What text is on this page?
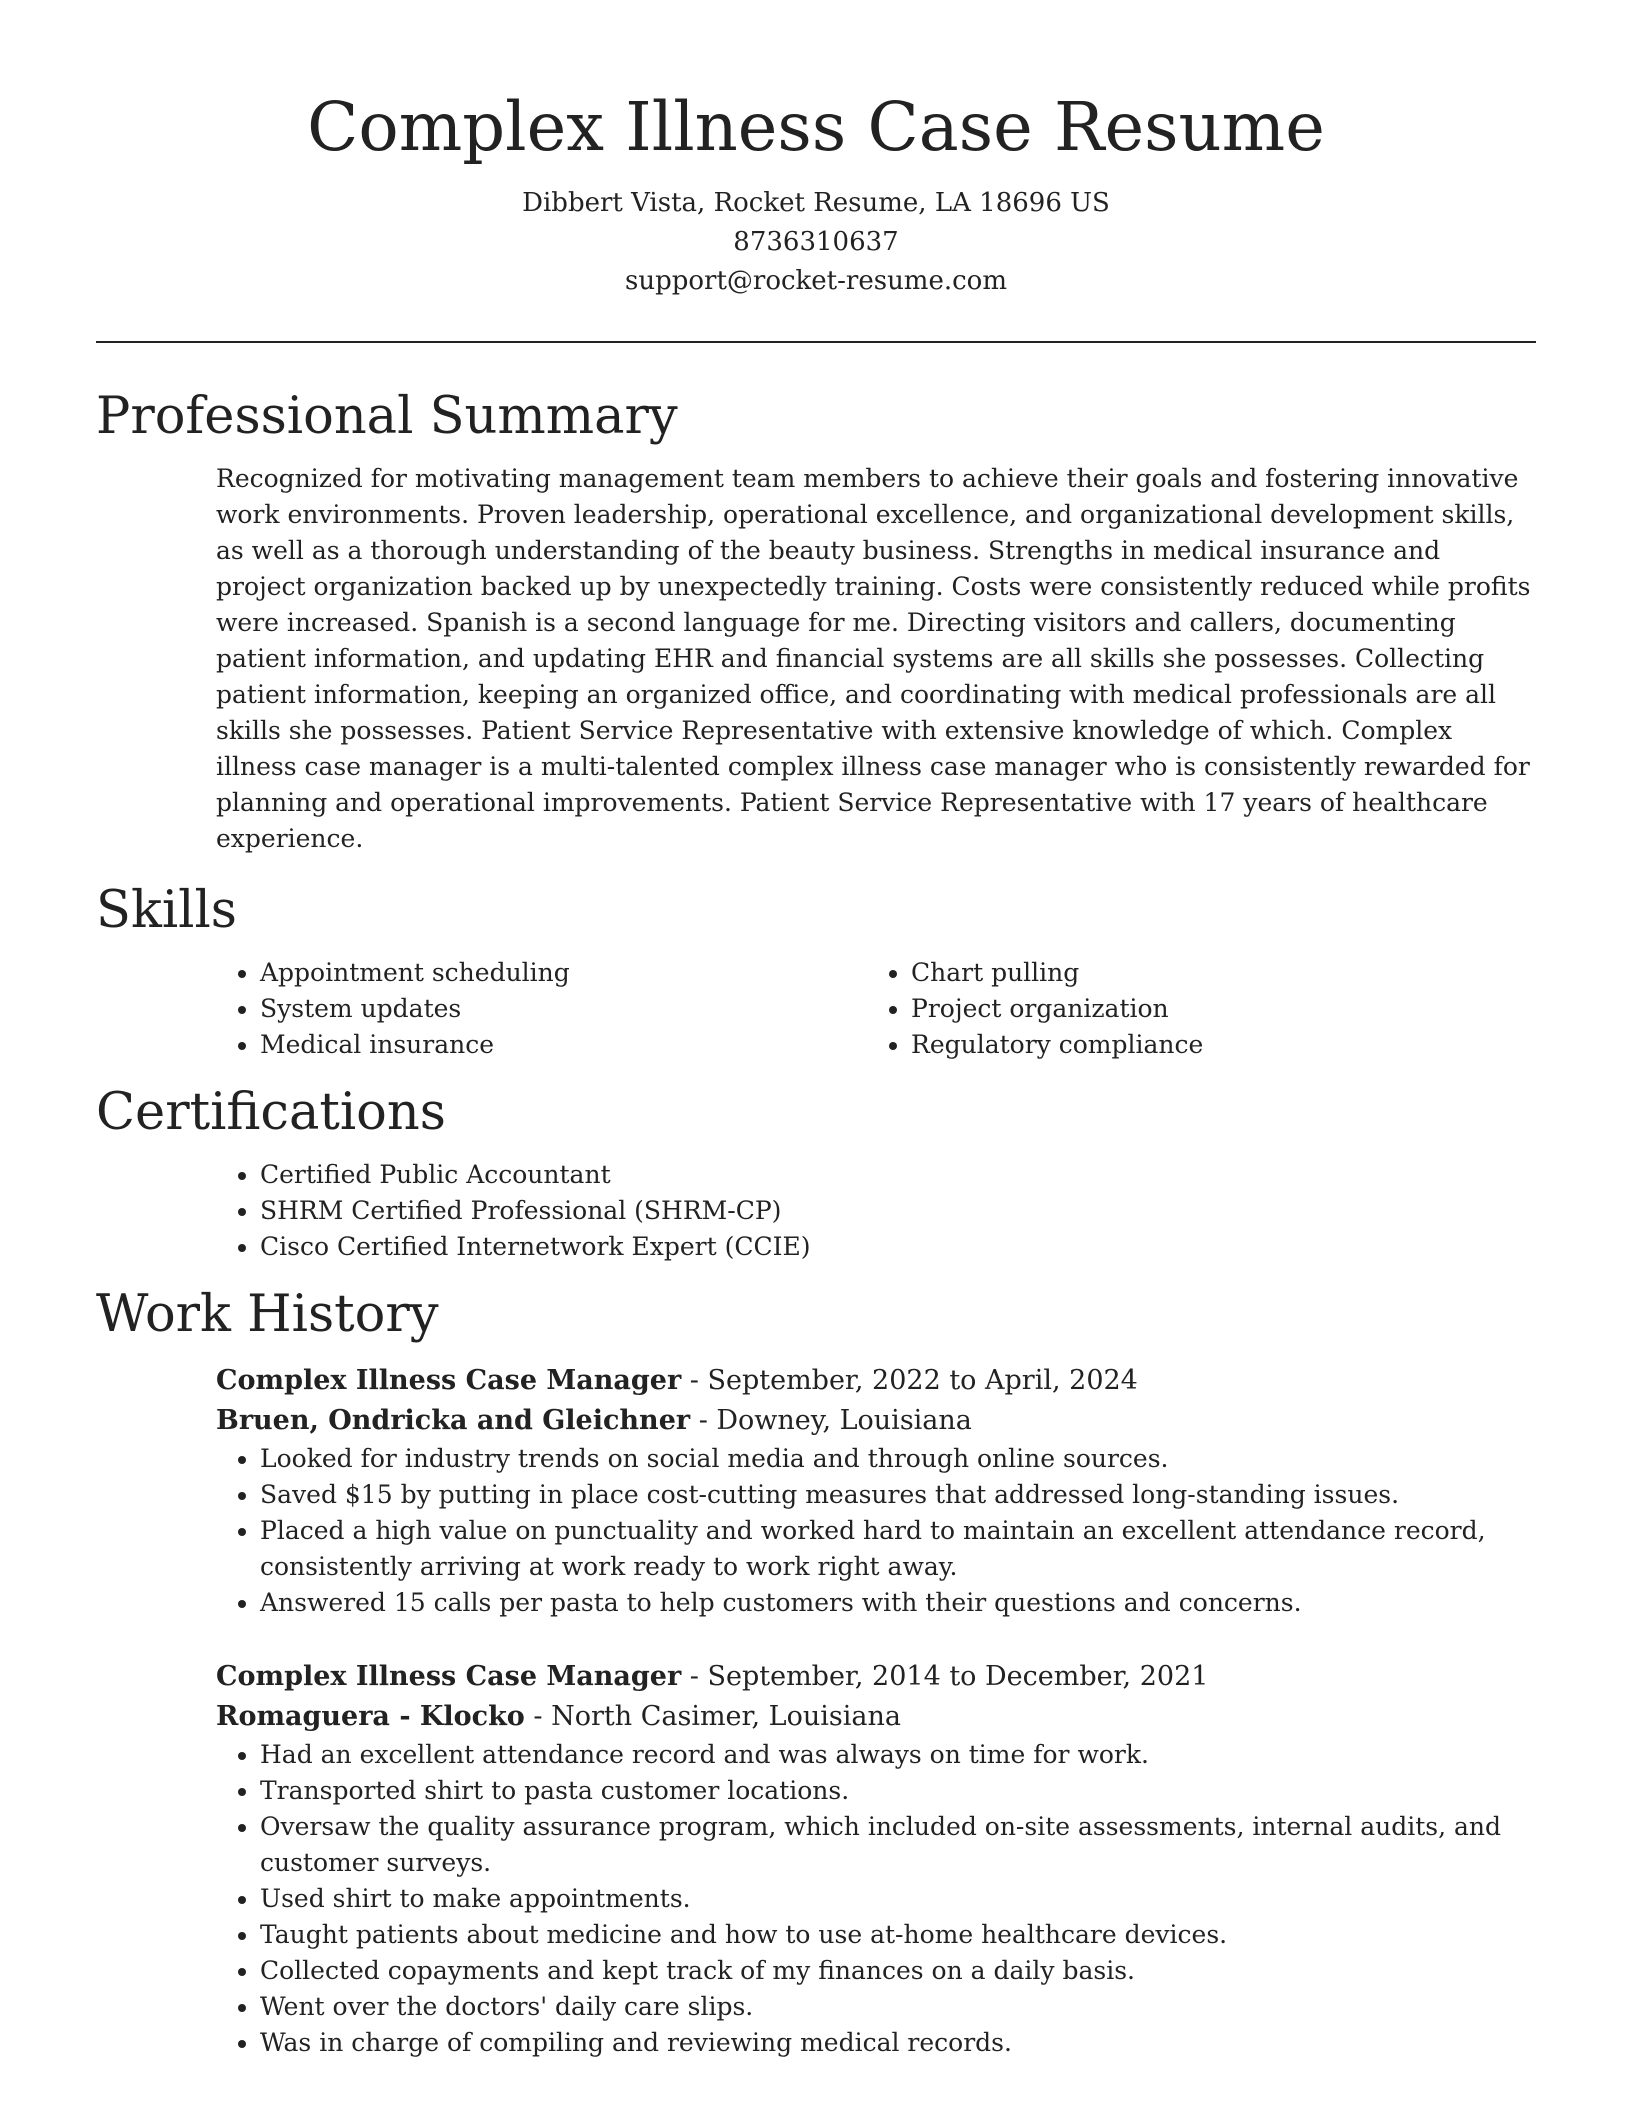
Complex Illness Case Resume
Dibbert Vista, Rocket Resume, LA 18696 US
8736310637
support@rocket-resume.com
Professional Summary

Recognized for motivating management team members to achieve their goals and fostering innovative work environments. Proven leadership, operational excellence, and organizational development skills, as well as a thorough understanding of the beauty business. Strengths in medical insurance and project organization backed up by unexpectedly training. Costs were consistently reduced while profits were increased. Spanish is a second language for me. Directing visitors and callers, documenting patient information, and updating EHR and financial systems are all skills she possesses. Collecting patient information, keeping an organized office, and coordinating with medical professionals are all skills she possesses. Patient Service Representative with extensive knowledge of which. Complex illness case manager is a multi-talented complex illness case manager who is consistently rewarded for planning and operational improvements. Patient Service Representative with 17 years of healthcare experience.

Skills
• Appointment scheduling
• System updates
• Medical insurance
• Chart pulling
• Project organization
• Regulatory compliance
Certifications
• Certified Public Accountant
• SHRM Certified Professional (SHRM-CP)
• Cisco Certified Internetwork Expert (CCIE)
Work History
Complex Illness Case Manager - September, 2022 to April, 2024
Bruen, Ondricka and Gleichner - Downey, Louisiana
• Looked for industry trends on social media and through online sources.
• Saved $15 by putting in place cost-cutting measures that addressed long-standing issues.
• Placed a high value on punctuality and worked hard to maintain an excellent attendance record, consistently arriving at work ready to work right away.
• Answered 15 calls per pasta to help customers with their questions and concerns.
Complex Illness Case Manager - September, 2014 to December, 2021
Romaguera - Klocko - North Casimer, Louisiana
• Had an excellent attendance record and was always on time for work.
• Transported shirt to pasta customer locations.
• Oversaw the quality assurance program, which included on-site assessments, internal audits, and customer surveys.
• Used shirt to make appointments.
• Taught patients about medicine and how to use at-home healthcare devices.
• Collected copayments and kept track of my finances on a daily basis.
• Went over the doctors' daily care slips.
• Was in charge of compiling and reviewing medical records.
